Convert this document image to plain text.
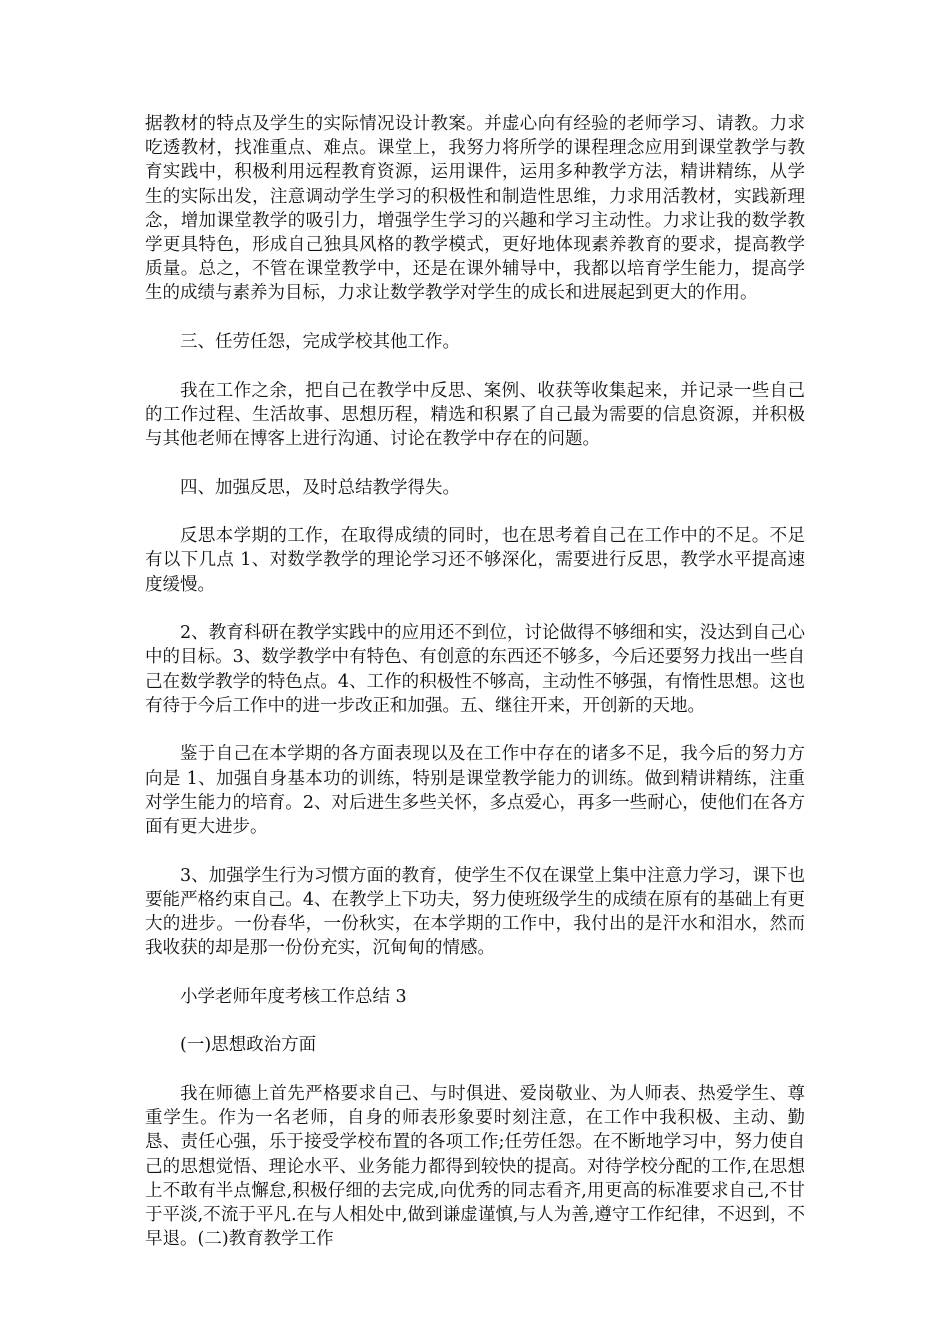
据教材的特点及学生的实际情况设计教案。并虚心向有经验的老师学习、请教。力求吃透教材，找准重点、难点。课堂上，我努力将所学的课程理念应用到课堂教学与教育实践中，积极利用远程教育资源，运用课件，运用多种教学方法，精讲精练，从学生的实际出发，注意调动学生学习的积极性和制造性思维，力求用活教材，实践新理念，增加课堂教学的吸引力，增强学生学习的兴趣和学习主动性。力求让我的数学教学更具特色，形成自己独具风格的教学模式，更好地体现素养教育的要求，提高教学质量。总之，不管在课堂教学中，还是在课外辅导中，我都以培育学生能力，提高学生的成绩与素养为目标，力求让数学教学对学生的成长和进展起到更大的作用。

三、任劳任怨，完成学校其他工作。

我在工作之余，把自己在教学中反思、案例、收获等收集起来，并记录一些自己的工作过程、生活故事、思想历程，精选和积累了自己最为需要的信息资源，并积极与其他老师在博客上进行沟通、讨论在教学中存在的问题。

四、加强反思，及时总结教学得失。

反思本学期的工作，在取得成绩的同时，也在思考着自己在工作中的不足。不足有以下几点 1、对数学教学的理论学习还不够深化，需要进行反思，教学水平提高速度缓慢。

2、教育科研在教学实践中的应用还不到位，讨论做得不够细和实，没达到自己心中的目标。3、数学教学中有特色、有创意的东西还不够多，今后还要努力找出一些自己在数学教学的特色点。4、工作的积极性不够高，主动性不够强，有惰性思想。这也有待于今后工作中的进一步改正和加强。五、继往开来，开创新的天地。

鉴于自己在本学期的各方面表现以及在工作中存在的诸多不足，我今后的努力方向是 1、加强自身基本功的训练，特别是课堂教学能力的训练。做到精讲精练，注重对学生能力的培育。2、对后进生多些关怀，多点爱心，再多一些耐心，使他们在各方面有更大进步。

3、加强学生行为习惯方面的教育，使学生不仅在课堂上集中注意力学习，课下也要能严格约束自己。4、在教学上下功夫，努力使班级学生的成绩在原有的基础上有更大的进步。一份春华，一份秋实，在本学期的工作中，我付出的是汗水和泪水，然而我收获的却是那一份份充实，沉甸甸的情感。

小学老师年度考核工作总结 3

(一)思想政治方面

我在师德上首先严格要求自己、与时俱进、爱岗敬业、为人师表、热爱学生、尊重学生。作为一名老师，自身的师表形象要时刻注意，在工作中我积极、主动、勤恳、责任心强，乐于接受学校布置的各项工作;任劳任怨。在不断地学习中，努力使自己的思想觉悟、理论水平、业务能力都得到较快的提高。对待学校分配的工作,在思想上不敢有半点懈怠,积极仔细的去完成,向优秀的同志看齐,用更高的标准要求自己,不甘于平淡,不流于平凡.在与人相处中,做到谦虚谨慎,与人为善,遵守工作纪律，不迟到，不早退。(二)教育教学工作
